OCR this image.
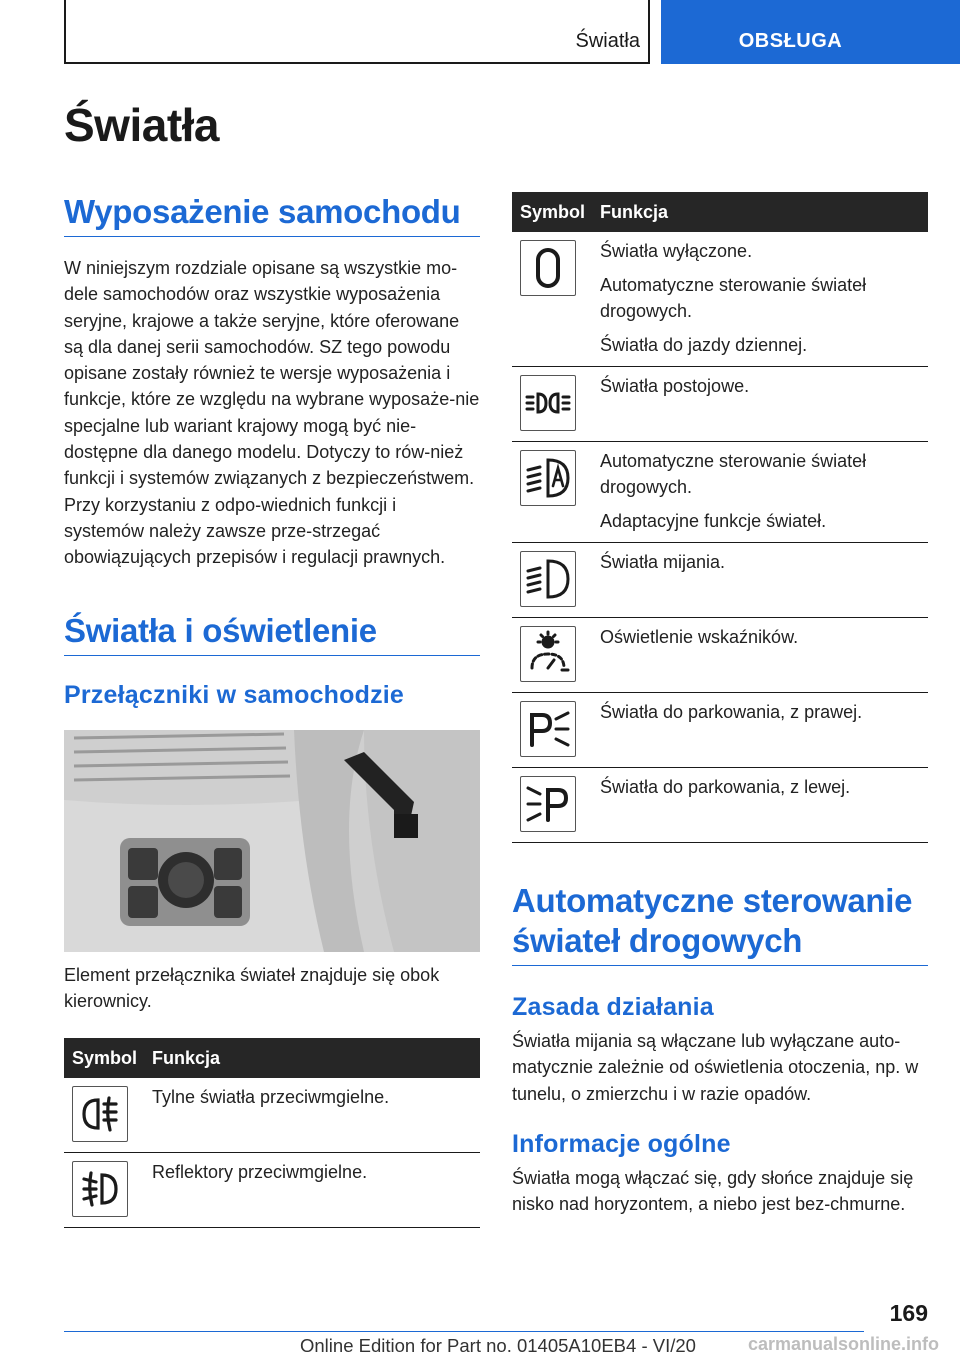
Światła	OBSŁUGA
Światła
Wyposażenie samochodu
W niniejszym rozdziale opisane są wszystkie mo-dele samochodów oraz wszystkie wyposażenia seryjne, krajowe a także seryjne, które oferowane są dla danej serii samochodów. SZ tego powodu opisane zostały również te wersje wyposażenia i funkcje, które ze względu na wybrane wyposaże-nie specjalne lub wariant krajowy mogą być nie-dostępne dla danego modelu. Dotyczy to rów-nież funkcji i systemów związanych z bezpieczeństwem. Przy korzystaniu z odpo-wiednich funkcji i systemów należy zawsze prze-strzegać obowiązujących przepisów i regulacji prawnych.
Światła i oświetlenie
Przełączniki w samochodzie
Element przełącznika świateł znajduje się obok kierownicy.
Symbol	Funkcja

Tylne światła przeciwmgielne.

Reflektory przeciwmgielne.
Symbol	Funkcja

Światła wyłączone.
Automatyczne sterowanie świateł drogowych.
Światła do jazdy dziennej.

Światła postojowe.

Automatyczne sterowanie świateł drogowych.
Adaptacyjne funkcje świateł.

Światła mijania.

Oświetlenie wskaźników.

Światła do parkowania, z prawej.

Światła do parkowania, z lewej.
Automatyczne sterowanie świateł drogowych
Zasada działania
Światła mijania są włączane lub wyłączane auto-matycznie zależnie od oświetlenia otoczenia, np. w tunelu, o zmierzchu i w razie opadów.
Informacje ogólne
Światła mogą włączać się, gdy słońce znajduje się nisko nad horyzontem, a niebo jest bez-chmurne.
169
Online Edition for Part no. 01405A10EB4 - VI/20	carmanualsonline.info
